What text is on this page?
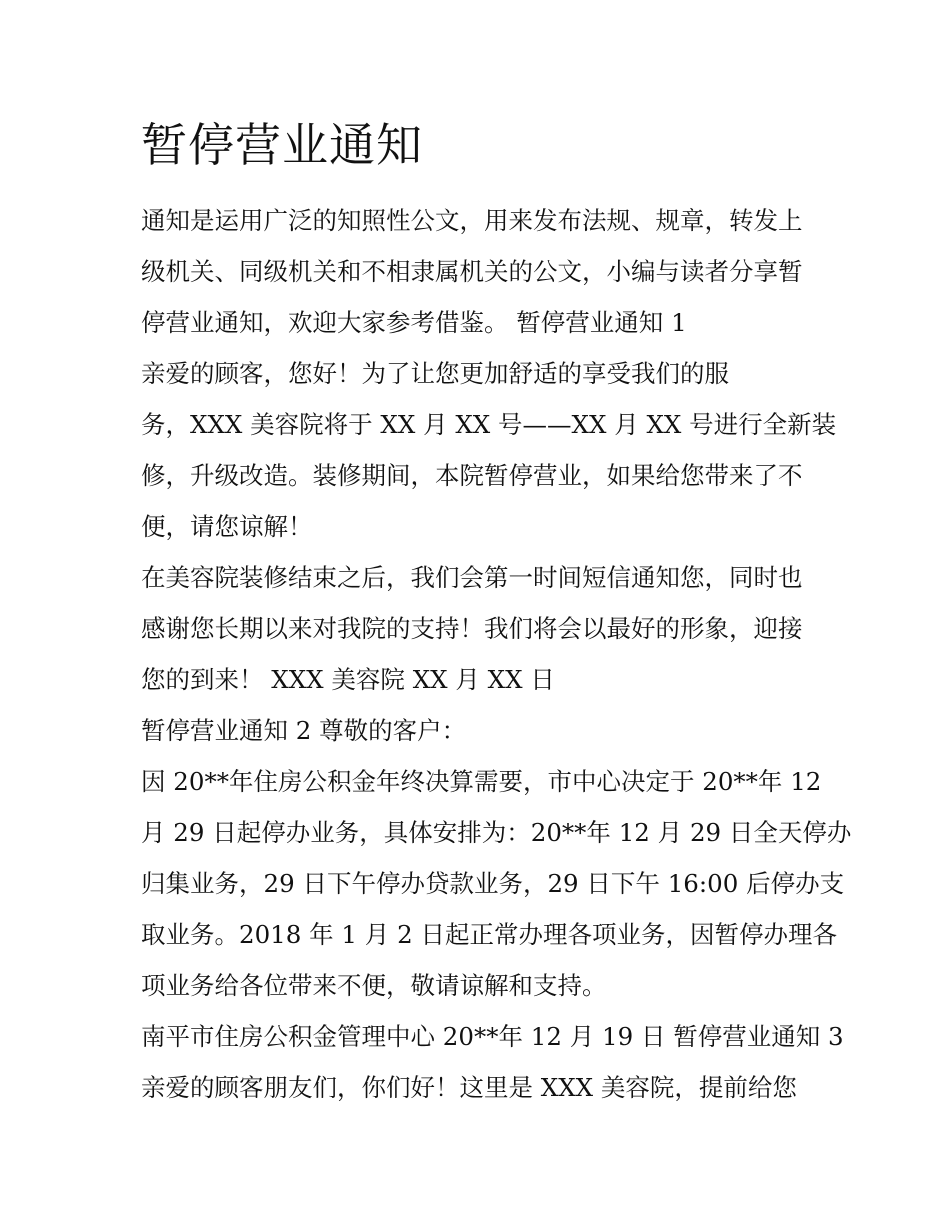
暂停营业通知
通知是运用广泛的知照性公文，用来发布法规、规章，转发上
级机关、同级机关和不相隶属机关的公文，小编与读者分享暂
停营业通知，欢迎大家参考借鉴。 暂停营业通知 1
亲爱的顾客，您好！为了让您更加舒适的享受我们的服
务，XXX 美容院将于 XX 月 XX 号——XX 月 XX 号进行全新装
修，升级改造。装修期间，本院暂停营业，如果给您带来了不
便，请您谅解！
在美容院装修结束之后，我们会第一时间短信通知您，同时也
感谢您长期以来对我院的支持！我们将会以最好的形象，迎接
您的到来！ XXX 美容院 XX 月 XX 日
暂停营业通知 2 尊敬的客户：
因 20**年住房公积金年终决算需要，市中心决定于 20**年 12
月 29 日起停办业务，具体安排为：20**年 12 月 29 日全天停办
归集业务，29 日下午停办贷款业务，29 日下午 16:00 后停办支
取业务。2018 年 1 月 2 日起正常办理各项业务，因暂停办理各
项业务给各位带来不便，敬请谅解和支持。
南平市住房公积金管理中心 20**年 12 月 19 日 暂停营业通知 3
亲爱的顾客朋友们，你们好！这里是 XXX 美容院，提前给您
